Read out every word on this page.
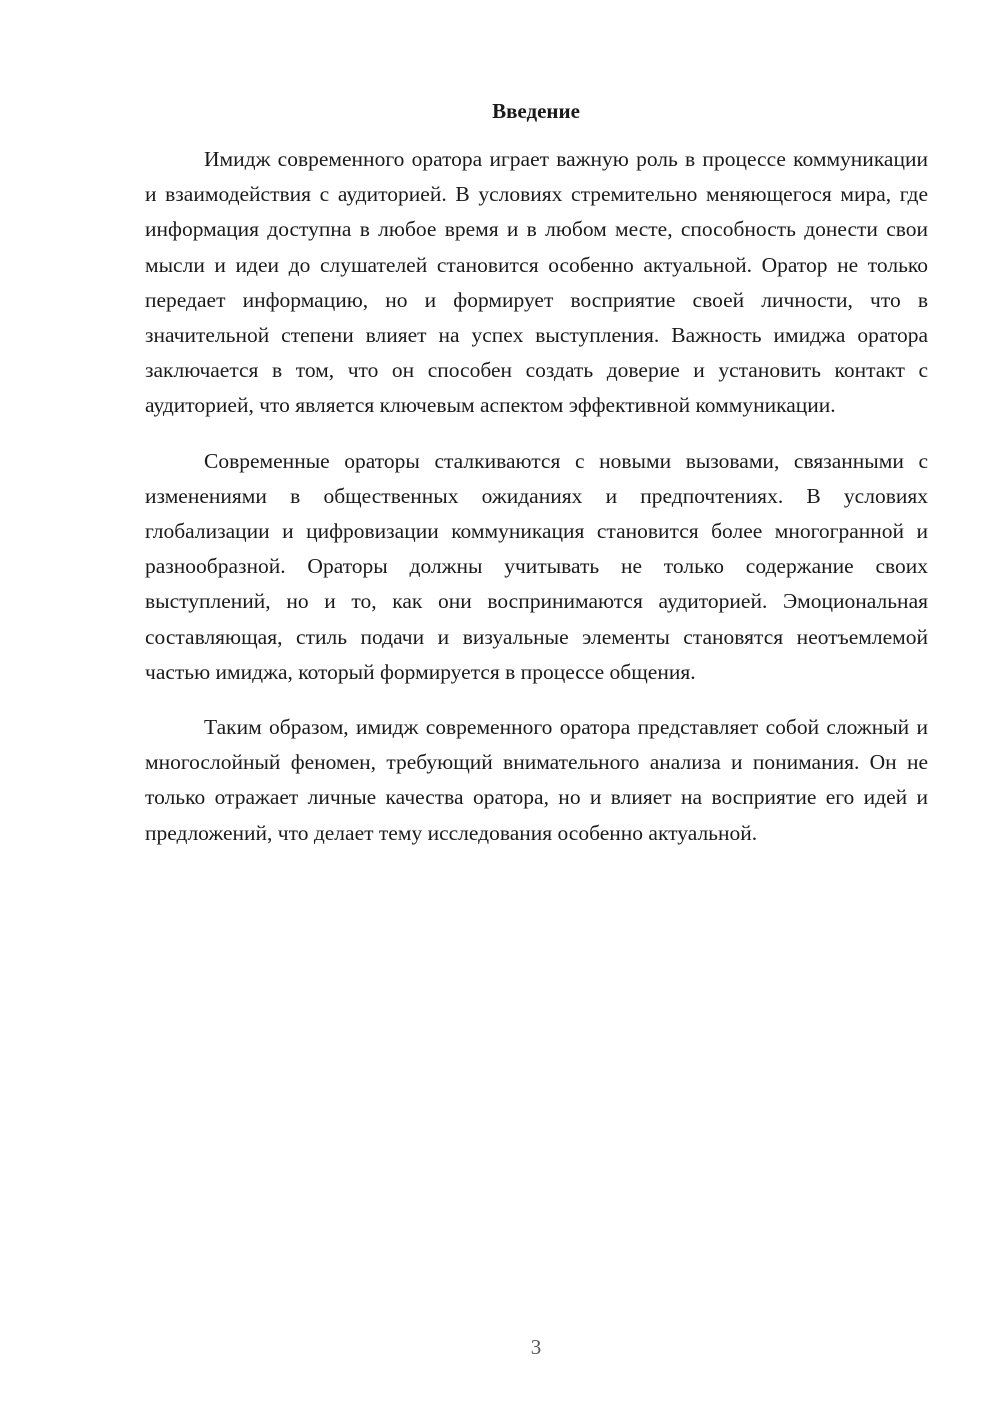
Введение

Имидж современного оратора играет важную роль в процессе коммуникации и взаимодействия с аудиторией. В условиях стремительно меняющегося мира, где информация доступна в любое время и в любом месте, способность донести свои мысли и идеи до слушателей становится особенно актуальной. Оратор не только передает информацию, но и формирует восприятие своей личности, что в значительной степени влияет на успех выступления. Важность имиджа оратора заключается в том, что он способен создать доверие и установить контакт с аудиторией, что является ключевым аспектом эффективной коммуникации.

Современные ораторы сталкиваются с новыми вызовами, связанными с изменениями в общественных ожиданиях и предпочтениях. В условиях глобализации и цифровизации коммуникация становится более многогранной и разнообразной. Ораторы должны учитывать не только содержание своих выступлений, но и то, как они воспринимаются аудиторией. Эмоциональная составляющая, стиль подачи и визуальные элементы становятся неотъемлемой частью имиджа, который формируется в процессе общения.

Таким образом, имидж современного оратора представляет собой сложный и многослойный феномен, требующий внимательного анализа и понимания. Он не только отражает личные качества оратора, но и влияет на восприятие его идей и предложений, что делает тему исследования особенно актуальной.

3
